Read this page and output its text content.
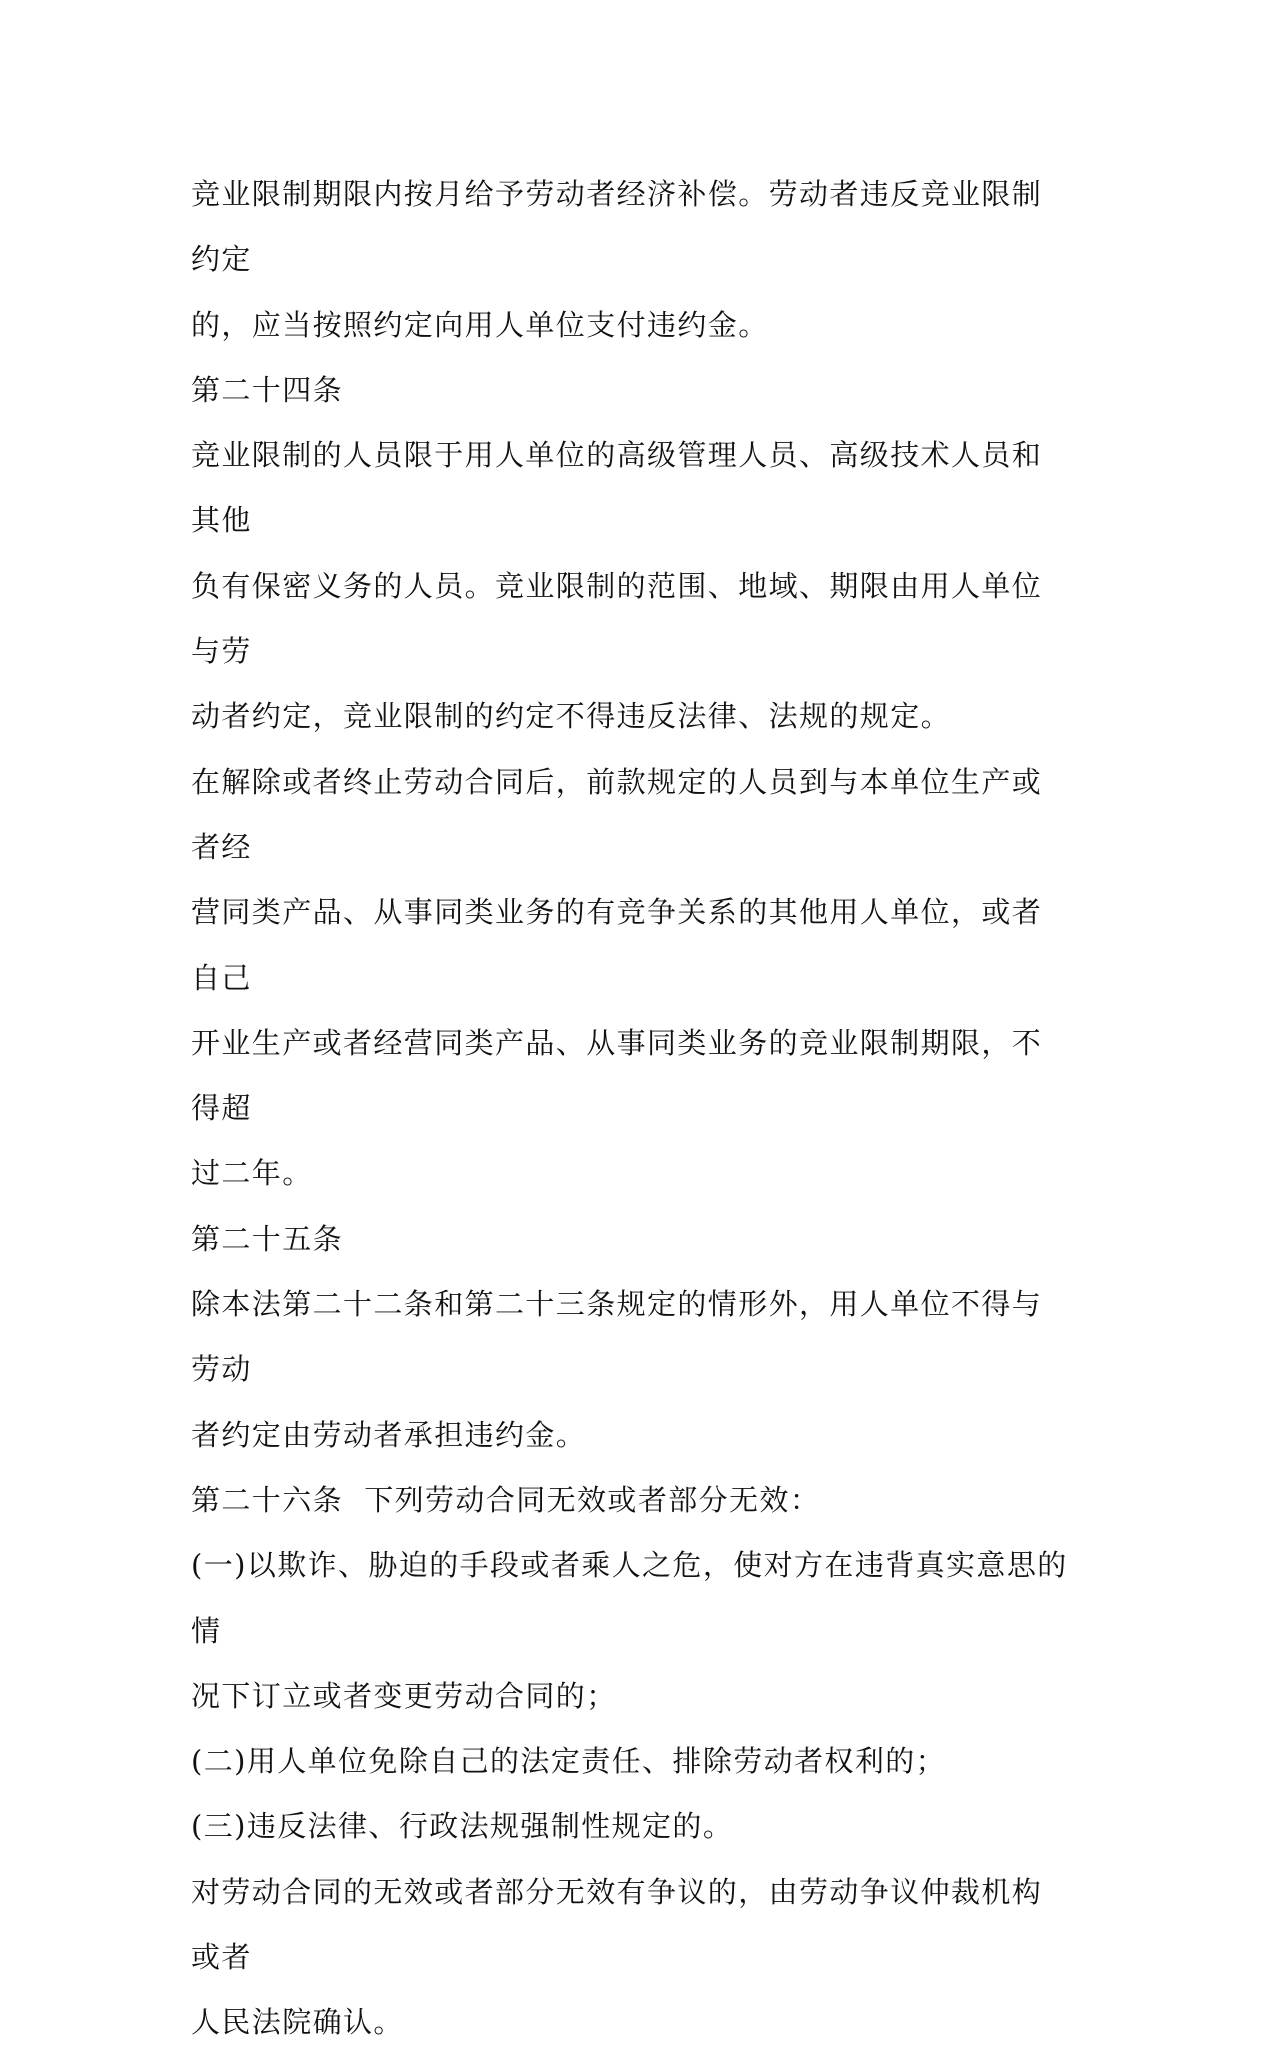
竞业限制期限内按月给予劳动者经济补偿。劳动者违反竞业限制约定

的，应当按照约定向用人单位支付违约金。

第二十四条

竞业限制的人员限于用人单位的高级管理人员、高级技术人员和其他

负有保密义务的人员。竞业限制的范围、地域、期限由用人单位与劳

动者约定，竞业限制的约定不得违反法律、法规的规定。

在解除或者终止劳动合同后，前款规定的人员到与本单位生产或者经

营同类产品、从事同类业务的有竞争关系的其他用人单位，或者自己

开业生产或者经营同类产品、从事同类业务的竞业限制期限，不得超

过二年。

第二十五条

除本法第二十二条和第二十三条规定的情形外，用人单位不得与劳动

者约定由劳动者承担违约金。

第二十六条  下列劳动合同无效或者部分无效：

(一)以欺诈、胁迫的手段或者乘人之危，使对方在违背真实意思的情

况下订立或者变更劳动合同的；

(二)用人单位免除自己的法定责任、排除劳动者权利的；

(三)违反法律、行政法规强制性规定的。

对劳动合同的无效或者部分无效有争议的，由劳动争议仲裁机构或者

人民法院确认。
